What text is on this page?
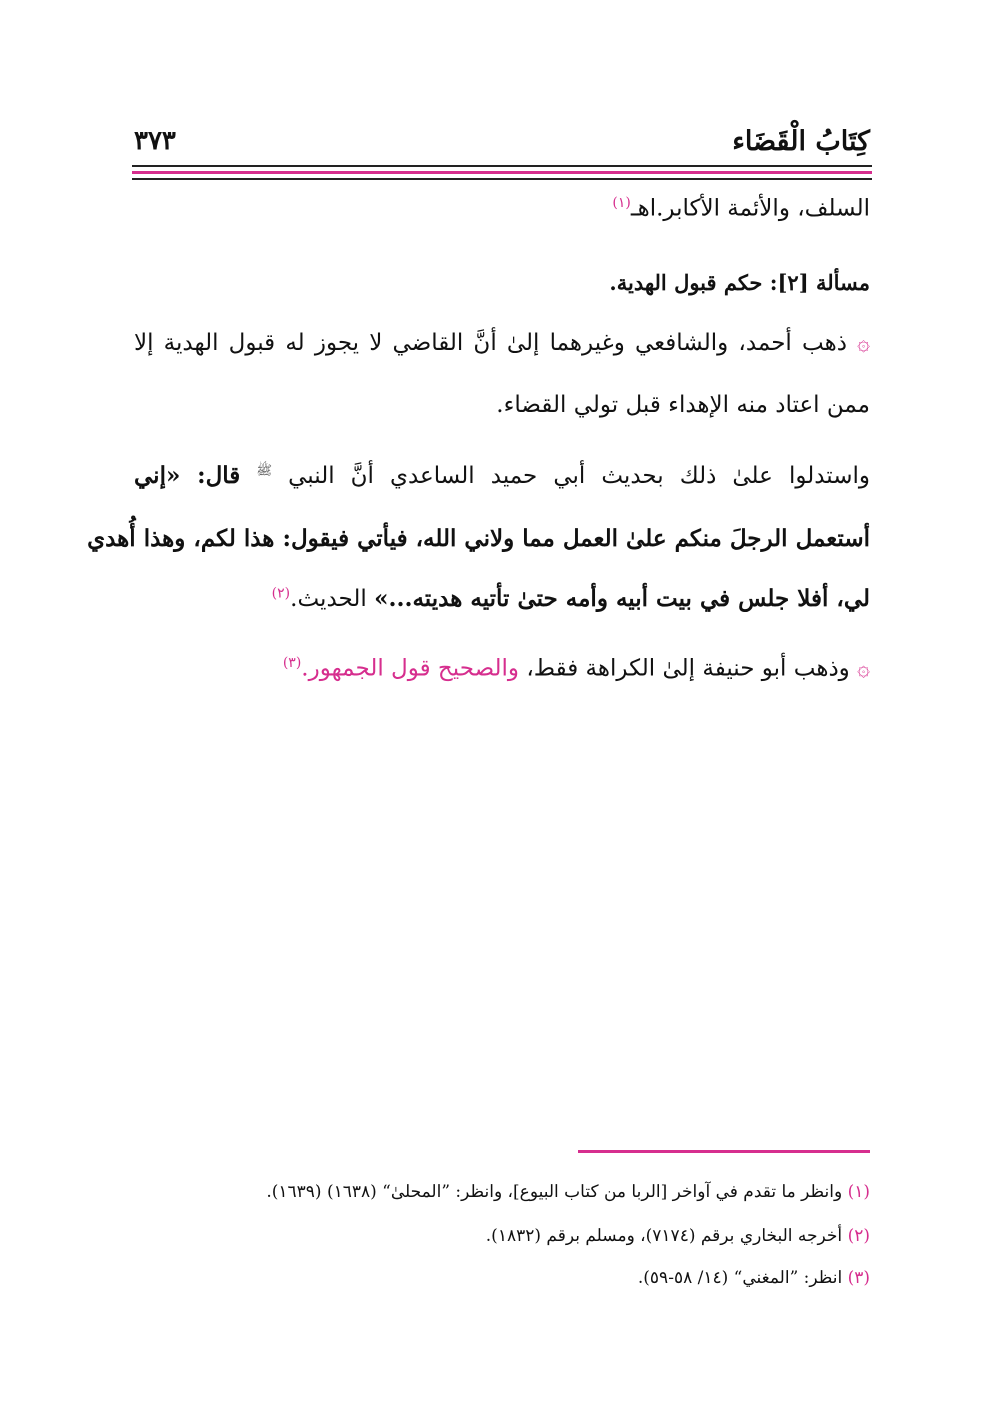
كِتَابُ الْقَضَاء
٣٧٣
السلف، والأئمة الأكابر.اهـ$^{(١)}$
مسألة [٢]: حكم قبول الهدية.
۞ ذهب أحمد، والشافعي وغيرهما إلىٰ أنَّ القاضي لا يجوز له قبول الهدية إلا
ممن اعتاد منه الإهداء قبل تولي القضاء.
واستدلوا علىٰ ذلك بحديث أبي حميد الساعدي أنَّ النبي $^ﷺ$ قال: «إني
أستعمل الرجلَ منكم علىٰ العمل مما ولاني الله، فيأتي فيقول: هذا لكم، وهذا أُهدي
لي، أفلا جلس في بيت أبيه وأمه حتىٰ تأتيه هديته...» الحديث.$^{(٢)}$
۞ وذهب أبو حنيفة إلىٰ الكراهة فقط، والصحيح قول الجمهور.$^{(٣)}$
(١) وانظر ما تقدم في آواخر [الربا من كتاب البيوع]، وانظر: ”المحلىٰ“ (١٦٣٨) (١٦٣٩).
(٢) أخرجه البخاري برقم (٧١٧٤)، ومسلم برقم (١٨٣٢).
(٣) انظر: ”المغني“ (١٤/ ٥٨-٥٩).
